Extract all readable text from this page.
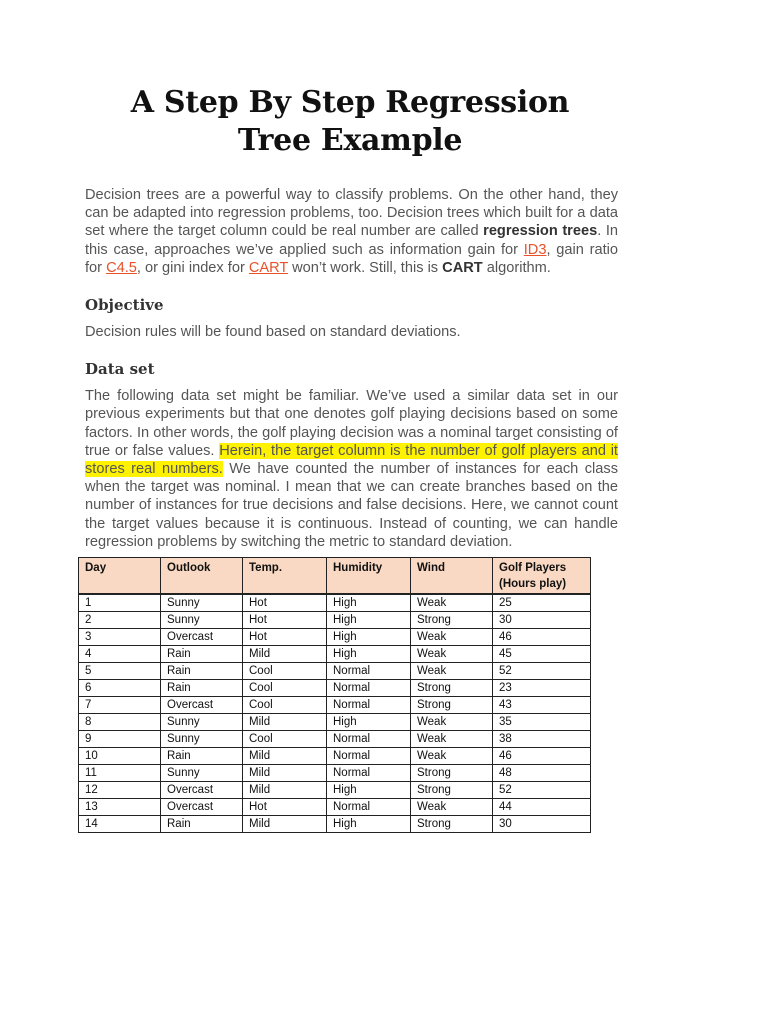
A Step By Step Regression
Tree Example

Decision trees are a powerful way to classify problems. On the other hand, they can be adapted into regression problems, too. Decision trees which built for a data set where the target column could be real number are called regression trees. In this case, approaches we’ve applied such as information gain for ID3, gain ratio for C4.5, or gini index for CART won’t work. Still, this is CART algorithm.

Objective

Decision rules will be found based on standard deviations.

Data set

The following data set might be familiar. We’ve used a similar data set in our previous experiments but that one denotes golf playing decisions based on some factors. In other words, the golf playing decision was a nominal target consisting of true or false values. Herein, the target column is the number of golf players and it stores real numbers. We have counted the number of instances for each class when the target was nominal. I mean that we can create branches based on the number of instances for true decisions and false decisions. Here, we cannot count the target values because it is continuous. Instead of counting, we can handle regression problems by switching the metric to standard deviation.

Day	Outlook	Temp.	Humidity	Wind	Golf Players (Hours play)
1	Sunny	Hot	High	Weak	25
2	Sunny	Hot	High	Strong	30
3	Overcast	Hot	High	Weak	46
4	Rain	Mild	High	Weak	45
5	Rain	Cool	Normal	Weak	52
6	Rain	Cool	Normal	Strong	23
7	Overcast	Cool	Normal	Strong	43
8	Sunny	Mild	High	Weak	35
9	Sunny	Cool	Normal	Weak	38
10	Rain	Mild	Normal	Weak	46
11	Sunny	Mild	Normal	Strong	48
12	Overcast	Mild	High	Strong	52
13	Overcast	Hot	Normal	Weak	44
14	Rain	Mild	High	Strong	30
